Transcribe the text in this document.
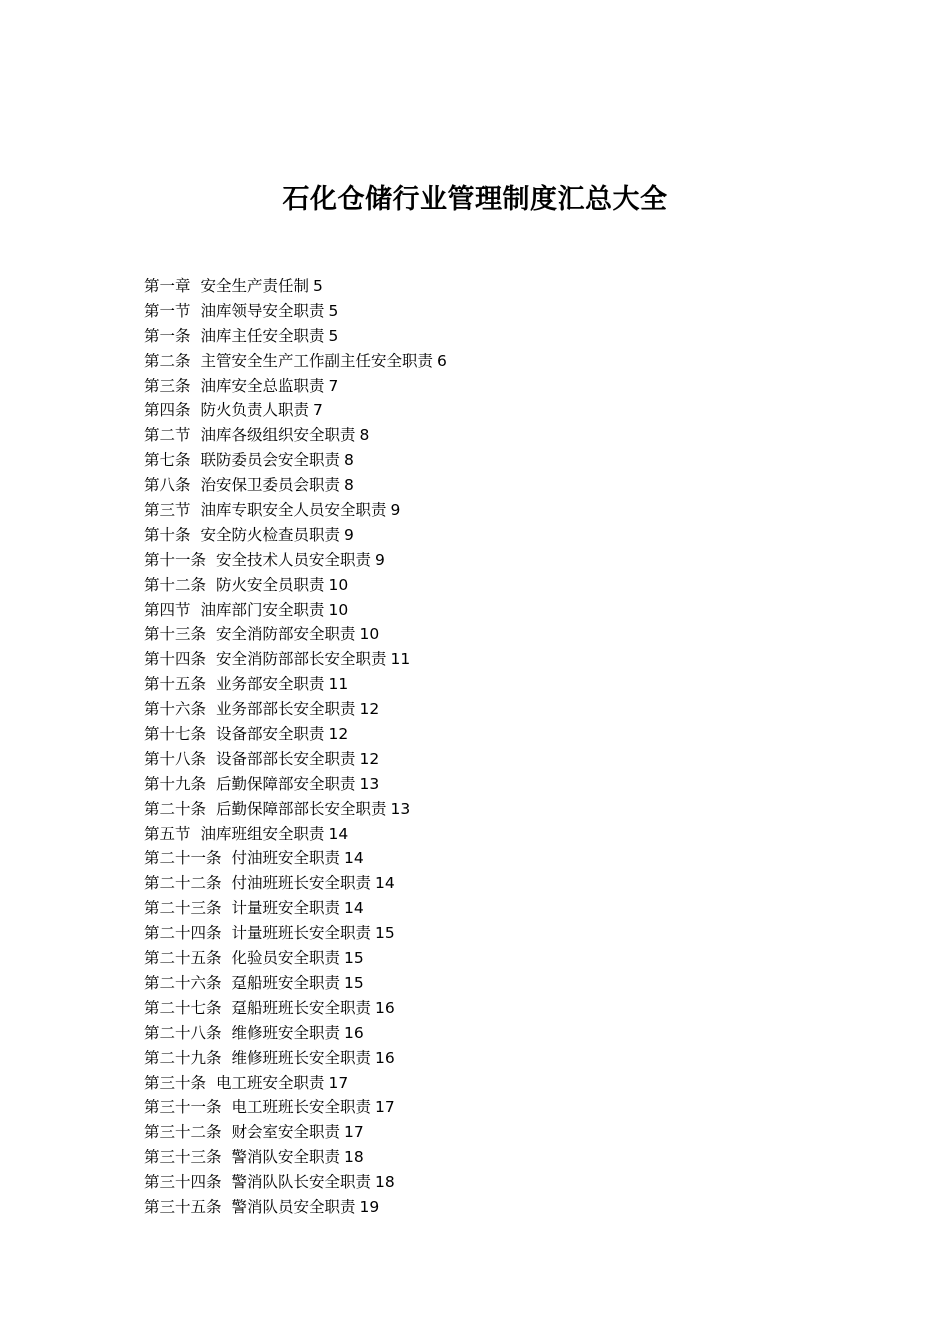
石化仓储行业管理制度汇总大全
第一章 安全生产责任制 5
第一节 油库领导安全职责 5
第一条 油库主任安全职责 5
第二条 主管安全生产工作副主任安全职责 6
第三条 油库安全总监职责 7
第四条 防火负责人职责 7
第二节 油库各级组织安全职责 8
第七条 联防委员会安全职责 8
第八条 治安保卫委员会职责 8
第三节 油库专职安全人员安全职责 9
第十条 安全防火检查员职责 9
第十一条 安全技术人员安全职责 9
第十二条 防火安全员职责 10
第四节 油库部门安全职责 10
第十三条 安全消防部安全职责 10
第十四条 安全消防部部长安全职责 11
第十五条 业务部安全职责 11
第十六条 业务部部长安全职责 12
第十七条 设备部安全职责 12
第十八条 设备部部长安全职责 12
第十九条 后勤保障部安全职责 13
第二十条 后勤保障部部长安全职责 13
第五节 油库班组安全职责 14
第二十一条 付油班安全职责 14
第二十二条 付油班班长安全职责 14
第二十三条 计量班安全职责 14
第二十四条 计量班班长安全职责 15
第二十五条 化验员安全职责 15
第二十六条 趸船班安全职责 15
第二十七条 趸船班班长安全职责 16
第二十八条 维修班安全职责 16
第二十九条 维修班班长安全职责 16
第三十条 电工班安全职责 17
第三十一条 电工班班长安全职责 17
第三十二条 财会室安全职责 17
第三十三条 警消队安全职责 18
第三十四条 警消队队长安全职责 18
第三十五条 警消队员安全职责 19
